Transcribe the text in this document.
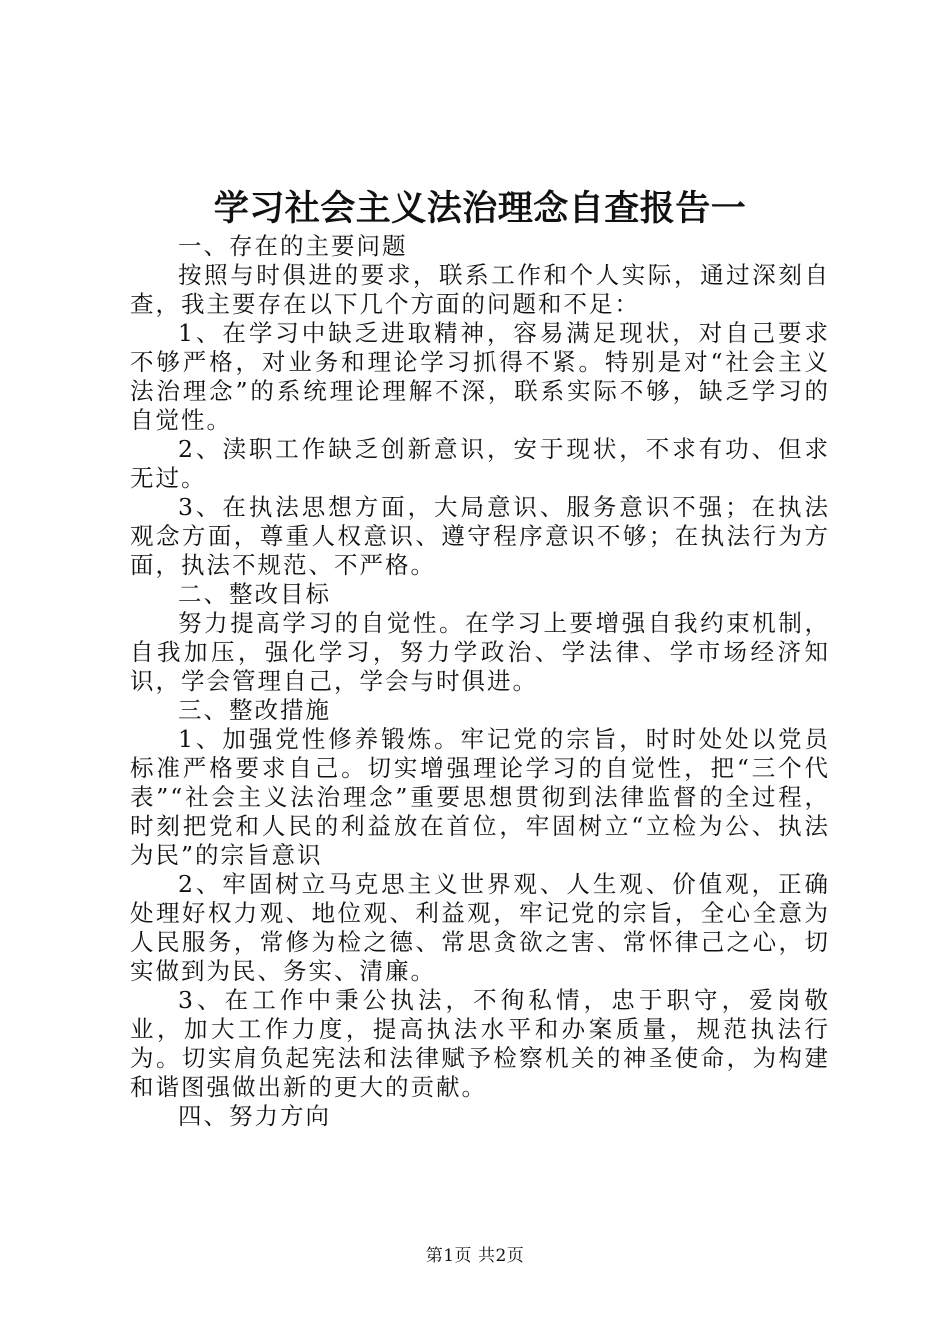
学习社会主义法治理念自查报告一

一、存在的主要问题

按照与时俱进的要求，联系工作和个人实际，通过深刻自查，我主要存在以下几个方面的问题和不足：

1、在学习中缺乏进取精神，容易满足现状，对自己要求不够严格，对业务和理论学习抓得不紧。特别是对“社会主义法治理念”的系统理论理解不深，联系实际不够，缺乏学习的自觉性。

2、渎职工作缺乏创新意识，安于现状，不求有功、但求无过。

3、在执法思想方面，大局意识、服务意识不强；在执法观念方面，尊重人权意识、遵守程序意识不够；在执法行为方面，执法不规范、不严格。

二、整改目标

努力提高学习的自觉性。在学习上要增强自我约束机制，自我加压，强化学习，努力学政治、学法律、学市场经济知识，学会管理自己，学会与时俱进。

三、整改措施

1、加强党性修养锻炼。牢记党的宗旨，时时处处以党员标准严格要求自己。切实增强理论学习的自觉性，把“三个代表”“社会主义法治理念”重要思想贯彻到法律监督的全过程，时刻把党和人民的利益放在首位，牢固树立“立检为公、执法为民”的宗旨意识

2、牢固树立马克思主义世界观、人生观、价值观，正确处理好权力观、地位观、利益观，牢记党的宗旨，全心全意为人民服务，常修为检之德、常思贪欲之害、常怀律己之心，切实做到为民、务实、清廉。

3、在工作中秉公执法，不徇私情，忠于职守，爱岗敬业，加大工作力度，提高执法水平和办案质量，规范执法行为。切实肩负起宪法和法律赋予检察机关的神圣使命，为构建和谐图强做出新的更大的贡献。

四、努力方向

第1页 共2页
